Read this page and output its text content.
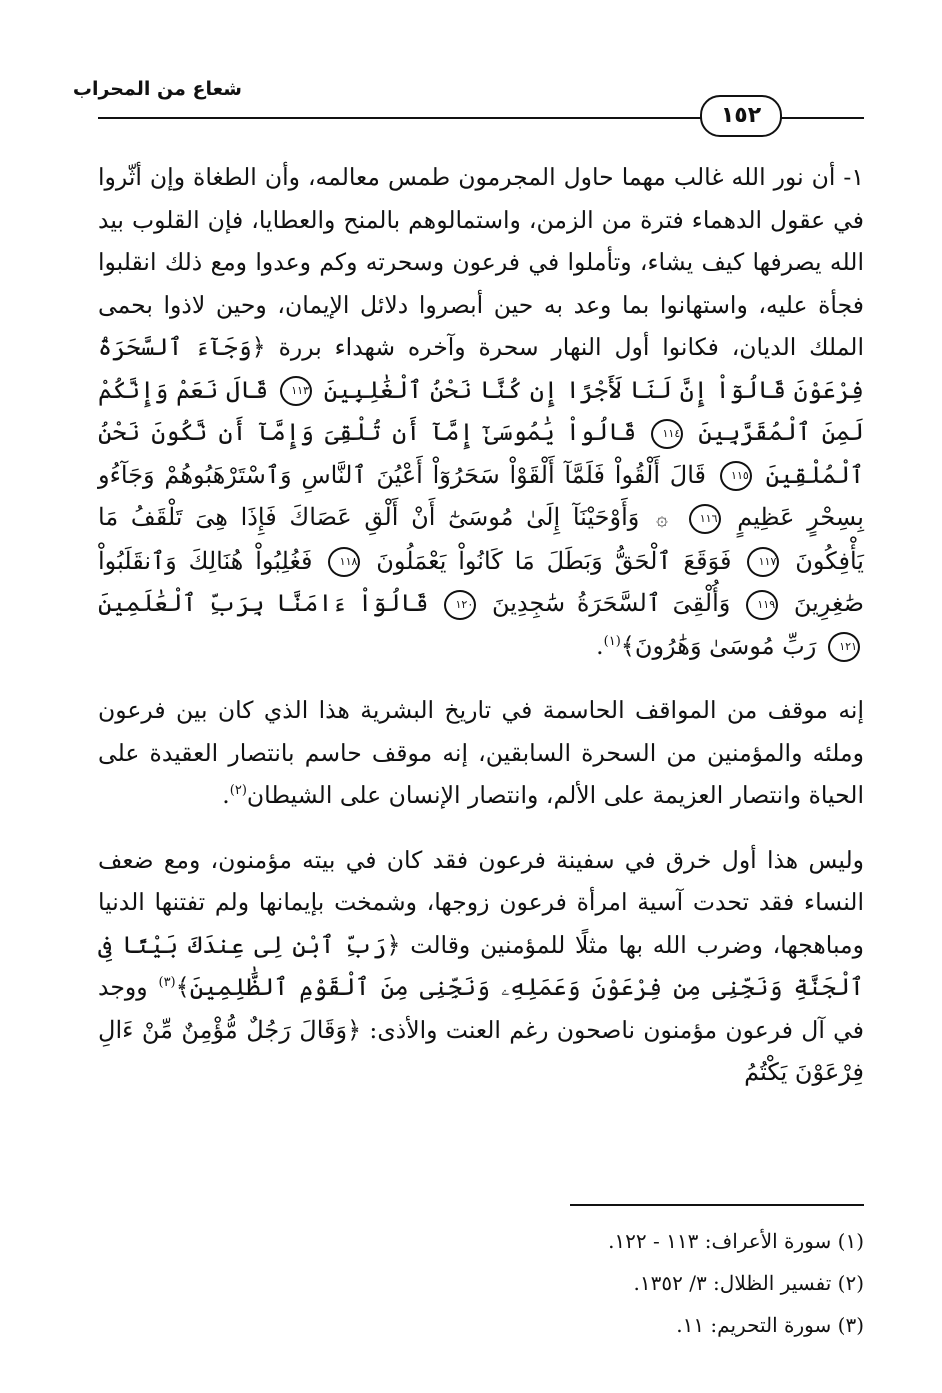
شعاع من المحراب
١٥٢

١- أن نور الله غالب مهما حاول المجرمون طمس معالمه، وأن الطغاة وإن أثّروا في عقول الدهماء فترة من الزمن، واستمالوهم بالمنح والعطايا، فإن القلوب بيد الله يصرفها كيف يشاء، وتأملوا في فرعون وسحرته وكم وعدوا ومع ذلك انقلبوا فجأة عليه، واستهانوا بما وعد به حين أبصروا دلائل الإيمان، وحين لاذوا بحمى الملك الديان، فكانوا أول النهار سحرة وآخره شهداء بررة ﴿وَجَآءَ ٱلسَّحَرَةُ فِرْعَوْنَ قَالُوٓاْ إِنَّ لَنَا لَأَجْرًا إِن كُنَّا نَحْنُ ٱلْغَٰلِبِينَ ١١٣ قَالَ نَعَمْ وَإِنَّكُمْ لَمِنَ ٱلْمُقَرَّبِينَ ١١٤ قَالُواْ يَٰمُوسَىٰٓ إِمَّآ أَن تُلْقِىَ وَإِمَّآ أَن نَّكُونَ نَحْنُ ٱلْمُلْقِينَ ١١٥ قَالَ أَلْقُواْ فَلَمَّآ أَلْقَوْاْ سَحَرُوٓاْ أَعْيُنَ ٱلنَّاسِ وَٱسْتَرْهَبُوهُمْ وَجَآءُو بِسِحْرٍ عَظِيمٍ ١١٦ ۞ وَأَوْحَيْنَآ إِلَىٰ مُوسَىٰٓ أَنْ أَلْقِ عَصَاكَ فَإِذَا هِىَ تَلْقَفُ مَا يَأْفِكُونَ ١١٧ فَوَقَعَ ٱلْحَقُّ وَبَطَلَ مَا كَانُواْ يَعْمَلُونَ ١١٨ فَغُلِبُواْ هُنَالِكَ وَٱنقَلَبُواْ صَٰغِرِينَ ١١٩ وَأُلْقِىَ ٱلسَّحَرَةُ سَٰجِدِينَ ١٢٠ قَالُوٓاْ ءَامَنَّا بِرَبِّ ٱلْعَٰلَمِينَ ١٢١ رَبِّ مُوسَىٰ وَهَٰرُونَ﴾$^{(١)}$.

إنه موقف من المواقف الحاسمة في تاريخ البشرية هذا الذي كان بين فرعون وملئه والمؤمنين من السحرة السابقين، إنه موقف حاسم بانتصار العقيدة على الحياة وانتصار العزيمة على الألم، وانتصار الإنسان على الشيطان$^{(٢)}$.

وليس هذا أول خرق في سفينة فرعون فقد كان في بيته مؤمنون، ومع ضعف النساء فقد تحدت آسية امرأة فرعون زوجها، وشمخت بإيمانها ولم تفتنها الدنيا ومباهجها، وضرب الله بها مثلًا للمؤمنين وقالت ﴿رَبِّ ٱبْنِ لِى عِندَكَ بَيْتًا فِى ٱلْجَنَّةِ وَنَجِّنِى مِن فِرْعَوْنَ وَعَمَلِهِۦ وَنَجِّنِى مِنَ ٱلْقَوْمِ ٱلظَّٰلِمِينَ﴾$^{(٣)}$ ووجد في آل فرعون مؤمنون ناصحون رغم العنت والأذى: ﴿وَقَالَ رَجُلٌ مُّؤْمِنٌ مِّنْ ءَالِ فِرْعَوْنَ يَكْتُمُ

(١) سورة الأعراف: ١١٣ - ١٢٢.
(٢) تفسير الظلال: ٣/ ١٣٥٢.
(٣) سورة التحريم: ١١.
